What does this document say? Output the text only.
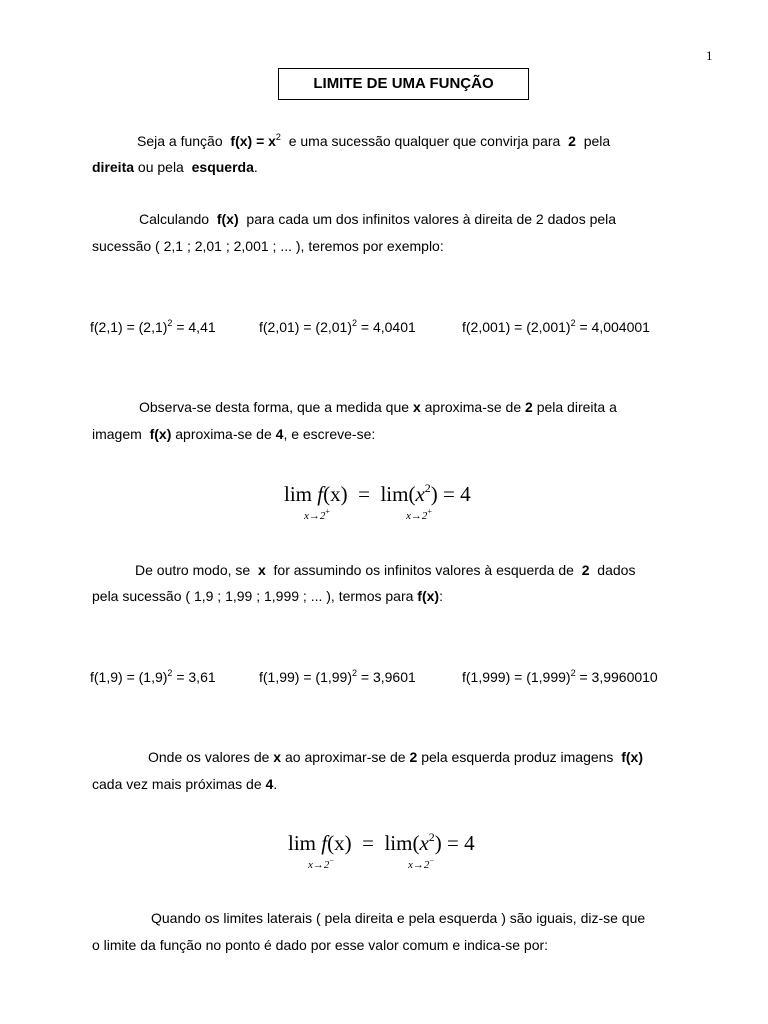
1
LIMITE DE UMA FUNÇÃO
Seja a função $f(x) = x^2$ e uma sucessão qualquer que convirja para 2 pela
direita ou pela esquerda.
Calculando f(x) para cada um dos infinitos valores à direita de 2 dados pela
sucessão ( 2,1 ; 2,01 ; 2,001 ; ... ), teremos por exemplo:
$f(2,1) = (2,1)^2 = 4,41$	$f(2,01) = (2,01)^2 = 4,0401$	$f(2,001) = (2,001)^2 = 4,004001$
Observa-se desta forma, que a medida que x aproxima-se de 2 pela direita a
imagem f(x) aproxima-se de 4, e escreve-se:
$\lim f(x) = \lim(x^2) = 4$
x→2+	x→2+
De outro modo, se x for assumindo os infinitos valores à esquerda de 2 dados
pela sucessão ( 1,9 ; 1,99 ; 1,999 ; ... ), termos para f(x):
$f(1,9) = (1,9)^2 = 3,61$	$f(1,99) = (1,99)^2 = 3,9601$	$f(1,999) = (1,999)^2 = 3,9960010$
Onde os valores de x ao aproximar-se de 2 pela esquerda produz imagens f(x)
cada vez mais próximas de 4.
$\lim f(x) = \lim(x^2) = 4$
x→2−	x→2−
Quando os limites laterais ( pela direita e pela esquerda ) são iguais, diz-se que
o limite da função no ponto é dado por esse valor comum e indica-se por:
